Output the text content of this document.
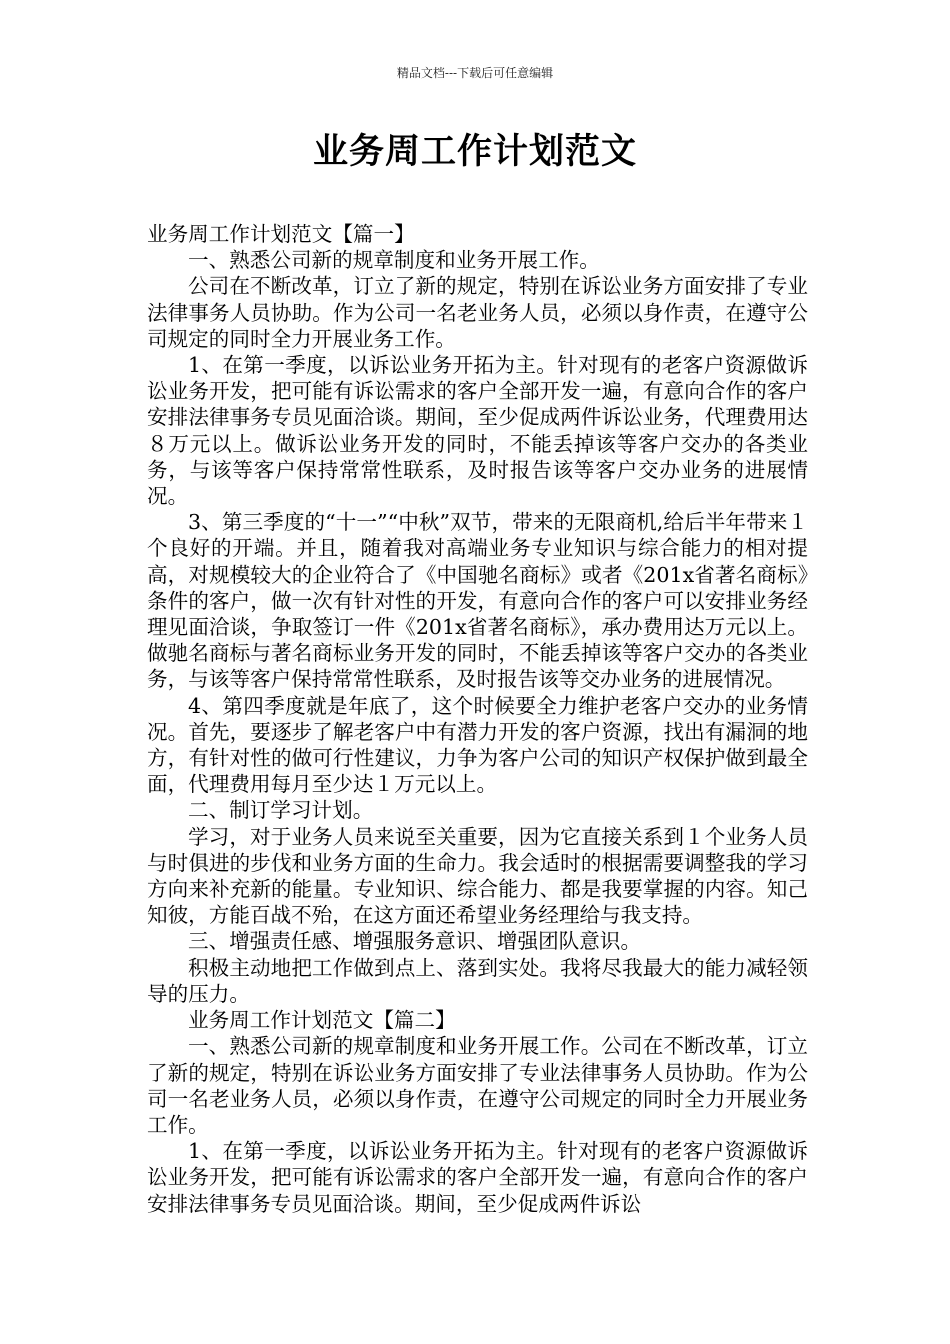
精品文档---下载后可任意编辑
业务周工作计划范文

业务周工作计划范文【篇一】

一、熟悉公司新的规章制度和业务开展工作。

公司在不断改革，订立了新的规定，特别在诉讼业务方面安排了专业法律事务人员协助。作为公司一名老业务人员，必须以身作责，在遵守公司规定的同时全力开展业务工作。

1、在第一季度，以诉讼业务开拓为主。针对现有的老客户资源做诉讼业务开发，把可能有诉讼需求的客户全部开发一遍，有意向合作的客户安排法律事务专员见面洽谈。期间，至少促成两件诉讼业务，代理费用达８万元以上。做诉讼业务开发的同时，不能丢掉该等客户交办的各类业务，与该等客户保持常常性联系，及时报告该等客户交办业务的进展情况。

3、第三季度的“十一”“中秋”双节，带来的无限商机,给后半年带来１个良好的开端。并且，随着我对高端业务专业知识与综合能力的相对提高，对规模较大的企业符合了《中国驰名商标》或者《201x省著名商标》条件的客户，做一次有针对性的开发，有意向合作的客户可以安排业务经理见面洽谈，争取签订一件《201x省著名商标》，承办费用达万元以上。做驰名商标与著名商标业务开发的同时，不能丢掉该等客户交办的各类业务，与该等客户保持常常性联系，及时报告该等交办业务的进展情况。

4、第四季度就是年底了，这个时候要全力维护老客户交办的业务情况。首先，要逐步了解老客户中有潜力开发的客户资源，找出有漏洞的地方，有针对性的做可行性建议，力争为客户公司的知识产权保护做到最全面，代理费用每月至少达１万元以上。

二、制订学习计划。

学习，对于业务人员来说至关重要，因为它直接关系到１个业务人员与时俱进的步伐和业务方面的生命力。我会适时的根据需要调整我的学习方向来补充新的能量。专业知识、综合能力、都是我要掌握的内容。知己知彼，方能百战不殆，在这方面还希望业务经理给与我支持。

三、增强责任感、增强服务意识、增强团队意识。

积极主动地把工作做到点上、落到实处。我将尽我最大的能力减轻领导的压力。

业务周工作计划范文【篇二】

一、熟悉公司新的规章制度和业务开展工作。公司在不断改革，订立了新的规定，特别在诉讼业务方面安排了专业法律事务人员协助。作为公司一名老业务人员，必须以身作责，在遵守公司规定的同时全力开展业务工作。

1、在第一季度，以诉讼业务开拓为主。针对现有的老客户资源做诉讼业务开发，把可能有诉讼需求的客户全部开发一遍，有意向合作的客户安排法律事务专员见面洽谈。期间，至少促成两件诉讼
